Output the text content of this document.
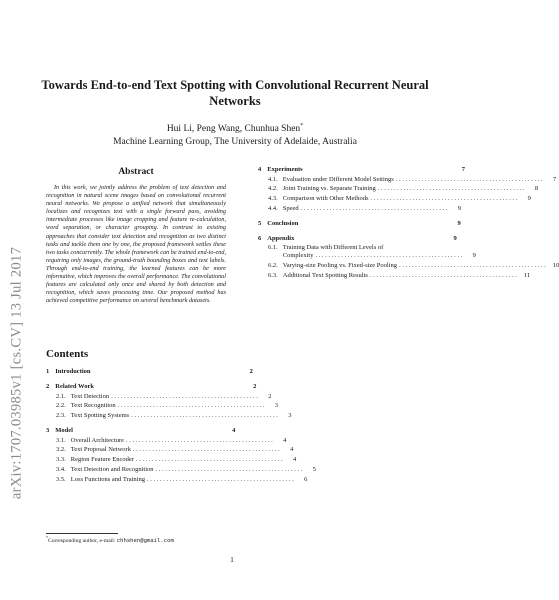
arXiv:1707.03985v1 [cs.CV] 13 Jul 2017
Towards End-to-end Text Spotting with Convolutional Recurrent Neural Networks
Hui Li, Peng Wang, Chunhua Shen*
Machine Learning Group, The University of Adelaide, Australia
Abstract

In this work, we jointly address the problem of text detection and recognition in natural scene images based on convolutional recurrent neural networks. We propose a unified network that simultaneously localizes and recognizes text with a single forward pass, avoiding intermediate processes like image cropping and feature re-calculation, word separation, or character grouping. In contrast to existing approaches that consider text detection and recognition as two distinct tasks and tackle them one by one, the proposed framework settles these two tasks concurrently. The whole framework can be trained end-to-end, requiring only images, the ground-truth bounding boxes and text labels. Through end-to-end training, the learned features can be more informative, which improves the overall performance. The convolutional features are calculated only once and shared by both detection and recognition, which saves processing time. Our proposed method has achieved competitive performance on several benchmark datasets.

Contents
1 Introduction	2
2 Related Work	2
2.1. Text Detection ..............................................	2
2.2. Text Recognition ..............................................	3
2.3. Text Spotting Systems ..............................................	3
3 Model	4
3.1. Overall Architecture ..............................................	4
3.2. Text Proposal Network ..............................................	4
3.3. Region Feature Encoder ..............................................	4
3.4. Text Detection and Recognition ..............................................	5
3.5. Loss Functions and Training ..............................................	6
4 Experiments	7
4.1. Evaluation under Different Model Settings ..............................................	7
4.2. Joint Training vs. Separate Training ..............................................	8
4.3. Comparison with Other Methods ..............................................	9
4.4. Speed ..............................................	9
5 Conclusion	9
6 Appendix	9
6.1. Training Data with Different Levels of
Complexity ..............................................	9
6.2. Varying-size Pooling vs. Fixed-size Pooling .............................................. 10
6.3. Additional Text Spotting Results .............................................. 11
*Corresponding author, e-mail: chhshen@gmail.com
1
